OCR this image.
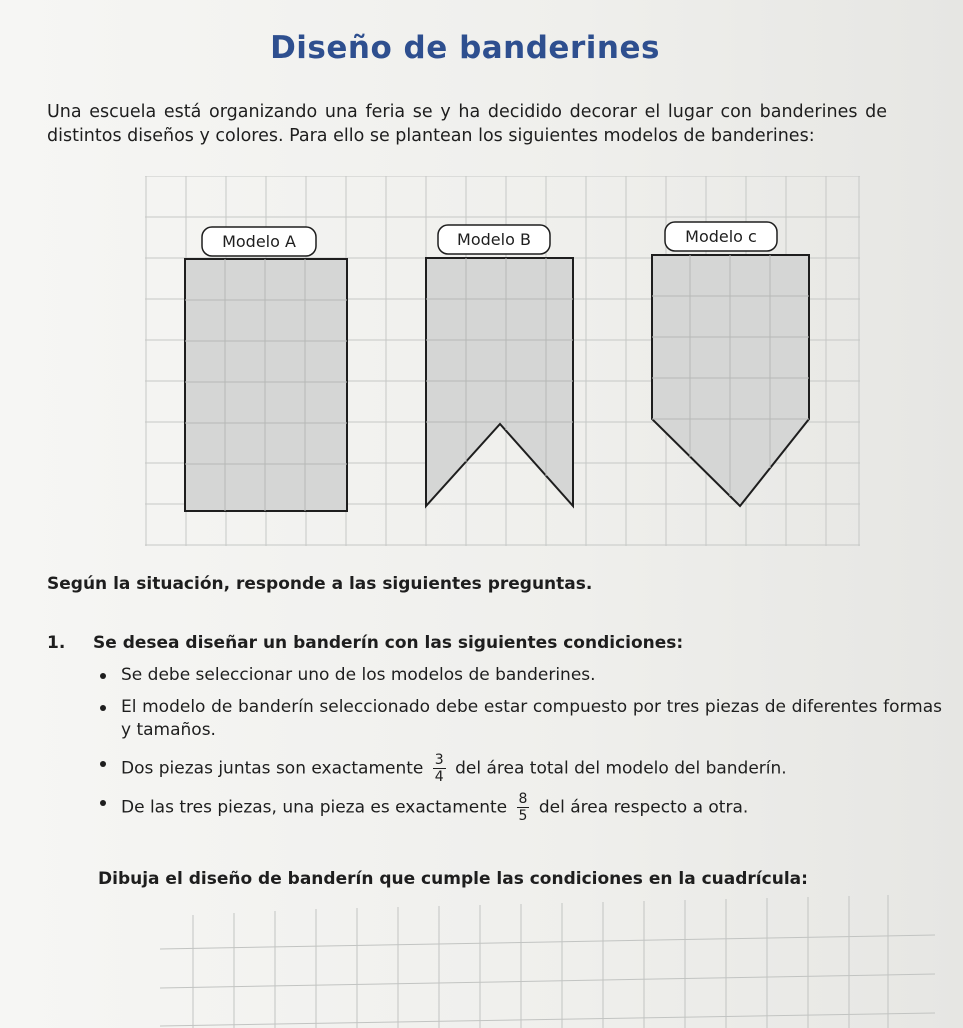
Diseño de banderines
Una escuela está organizando una feria se y ha decidido decorar el lugar con banderines de distintos diseños y colores. Para ello se plantean los siguientes modelos de banderines:
Modelo A	Modelo B	Modelo c
Según la situación, responde a las siguientes preguntas.
1. Se desea diseñar un banderín con las siguientes condiciones:
Se debe seleccionar uno de los modelos de banderines.
El modelo de banderín seleccionado debe estar compuesto por tres piezas de diferentes formas y tamaños.
Dos piezas juntas son exactamente $\frac{3}{4}$ del área total del modelo del banderín.
De las tres piezas, una pieza es exactamente $\frac{8}{5}$ del área respecto a otra.
Dibuja el diseño de banderín que cumple las condiciones en la cuadrícula:
